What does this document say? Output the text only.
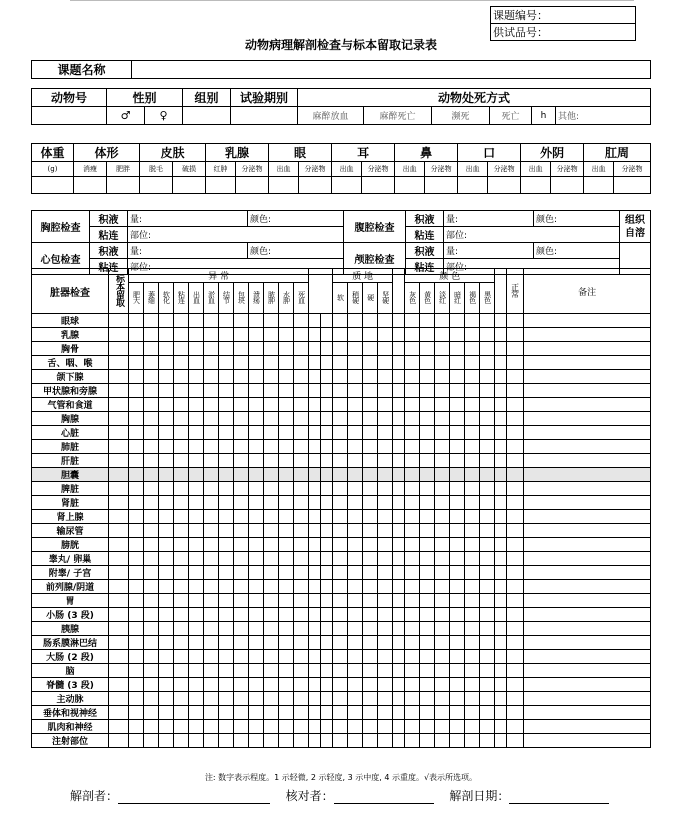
课题编号：
供试品号：
动物病理解剖检查与标本留取记录表
课题名称	
动物号	性别		组别	试验期别	动物处死方式					
	♂	♀			麻醉放血	麻醉死亡	濒死	死亡	h	其他:
体重	体形		皮肤		乳腺		眼		耳		鼻		口		外阴		肛周	
(g)	消瘦	肥胖	脱毛	破损	红肿	分泌物	出血	分泌物	出血	分泌物	出血	分泌物	出血	分泌物	出血	分泌物	出血	分泌物

胸腔检查	积液	量:	颜色:	腹腔检查	积液	量:	颜色:	组织
自溶
	粘连	部位:			粘连	部位:		
心包检查	积液	量:	颜色:	颅腔检查	积液	量:	颜色:	
	粘连	部位:			粘连	部位:		
脏器检查	标本留取	异 常														质 地					颜 色							正常	备注
		肥大	萎缩	软化	粘连	出血	淤血	结节	包块	溃疡	脓肿	水肿	死血			软	稍硬	硬	坚硬		灰色	黄色	淡红	暗红	褐色	黑色			
眼球																													
乳腺																													
胸骨																													
舌、咽、喉																													
颌下腺																													
甲状腺和旁腺																													
气管和食道																													
胸腺																													
心脏																													
肺脏																													
肝脏																													
胆囊																													
脾脏																													
肾脏																													
肾上腺																													
输尿管																													
膀胱																													
睾丸/ 卵巢																													
附睾/ 子宫																													
前列腺/阴道																													
胃																													
小肠 (3 段)																													
胰腺																													
肠系膜淋巴结																													
大肠 (2 段)																													
脑																													
脊髓 (3 段)																													
主动脉																													
垂体和视神经																													
肌肉和神经																													
注射部位																													
注: 数字表示程度。1 示轻微, 2 示轻度, 3 示中度, 4 示重度。√表示所选项。
解剖者：	核对者：	解剖日期：
